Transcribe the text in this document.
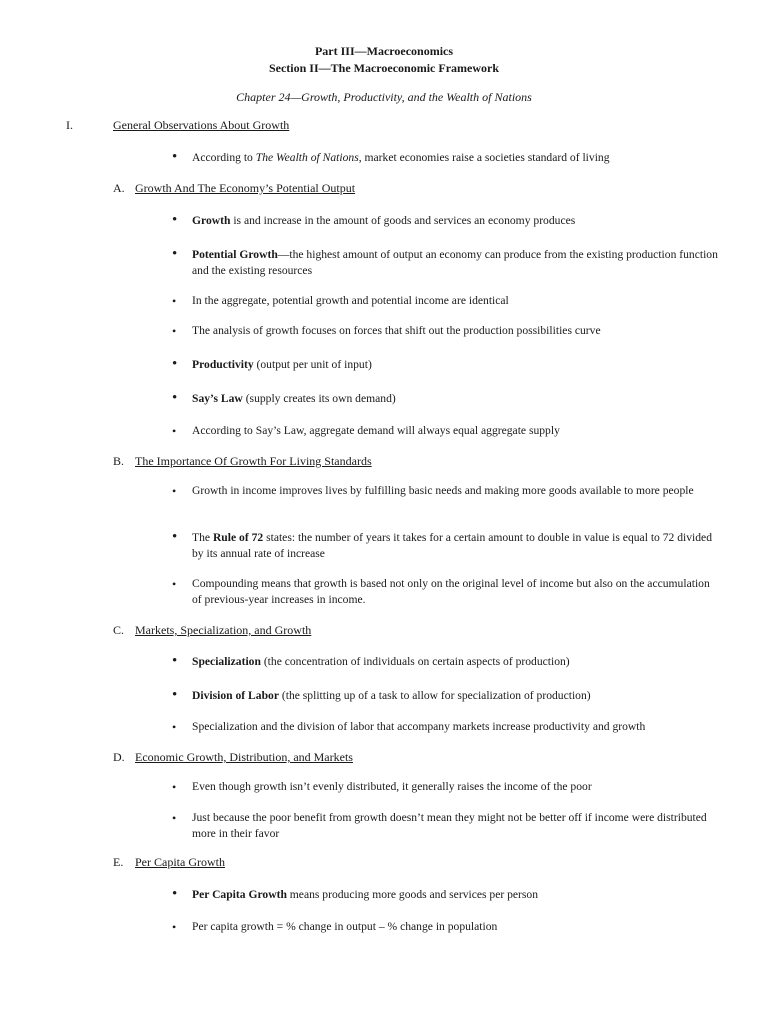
Part III—Macroeconomics
Section II—The Macroeconomic Framework
Chapter 24—Growth, Productivity, and the Wealth of Nations
I.	General Observations About Growth
• According to The Wealth of Nations, market economies raise a societies standard of living
A. Growth And The Economy’s Potential Output
• Growth is and increase in the amount of goods and services an economy produces
• Potential Growth—the highest amount of output an economy can produce from the existing production function and the existing resources
• In the aggregate, potential growth and potential income are identical
• The analysis of growth focuses on forces that shift out the production possibilities curve
• Productivity (output per unit of input)
• Say’s Law (supply creates its own demand)
• According to Say’s Law, aggregate demand will always equal aggregate supply
B. The Importance Of Growth For Living Standards
• Growth in income improves lives by fulfilling basic needs and making more goods available to more people
• The Rule of 72 states: the number of years it takes for a certain amount to double in value is equal to 72 divided by its annual rate of increase
• Compounding means that growth is based not only on the original level of income but also on the accumulation of previous-year increases in income.
C. Markets, Specialization, and Growth
• Specialization (the concentration of individuals on certain aspects of production)
• Division of Labor (the splitting up of a task to allow for specialization of production)
• Specialization and the division of labor that accompany markets increase productivity and growth
D. Economic Growth, Distribution, and Markets
• Even though growth isn’t evenly distributed, it generally raises the income of the poor
• Just because the poor benefit from growth doesn’t mean they might not be better off if income were distributed more in their favor
E. Per Capita Growth
• Per Capita Growth means producing more goods and services per person
• Per capita growth = % change in output – % change in population
